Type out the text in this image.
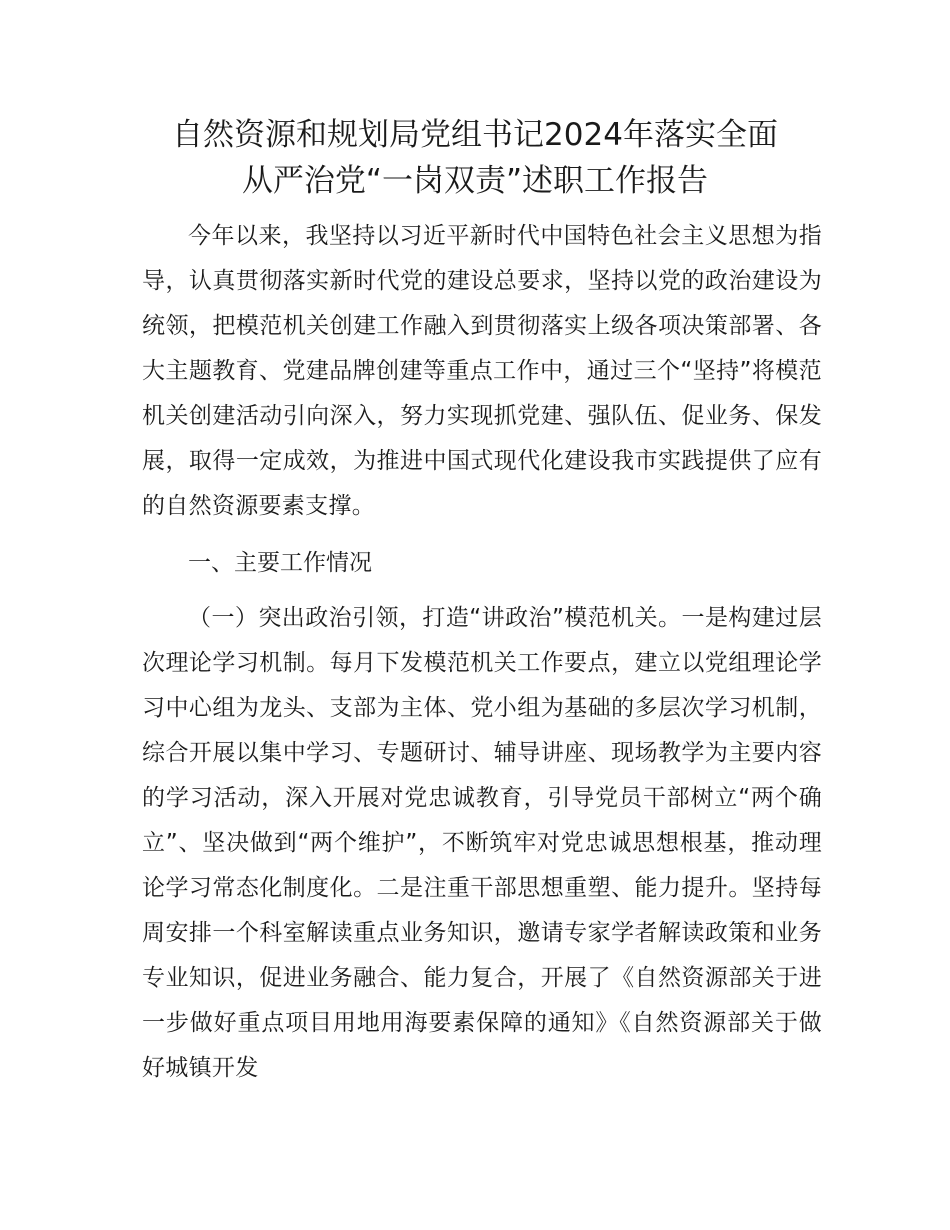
自然资源和规划局党组书记2024年落实全面
从严治党“一岗双责”述职工作报告

今年以来，我坚持以习近平新时代中国特色社会主义思想为指导，认真贯彻落实新时代党的建设总要求，坚持以党的政治建设为统领，把模范机关创建工作融入到贯彻落实上级各项决策部署、各大主题教育、党建品牌创建等重点工作中，通过三个“坚持”将模范机关创建活动引向深入，努力实现抓党建、强队伍、促业务、保发展，取得一定成效，为推进中国式现代化建设我市实践提供了应有的自然资源要素支撑。

一、主要工作情况

（一）突出政治引领，打造“讲政治”模范机关。一是构建过层次理论学习机制。每月下发模范机关工作要点，建立以党组理论学习中心组为龙头、支部为主体、党小组为基础的多层次学习机制，综合开展以集中学习、专题研讨、辅导讲座、现场教学为主要内容的学习活动，深入开展对党忠诚教育，引导党员干部树立“两个确立”、坚决做到“两个维护”，不断筑牢对党忠诚思想根基，推动理论学习常态化制度化。二是注重干部思想重塑、能力提升。坚持每周安排一个科室解读重点业务知识，邀请专家学者解读政策和业务专业知识，促进业务融合、能力复合，开展了《自然资源部关于进一步做好重点项目用地用海要素保障的通知》《自然资源部关于做好城镇开发
